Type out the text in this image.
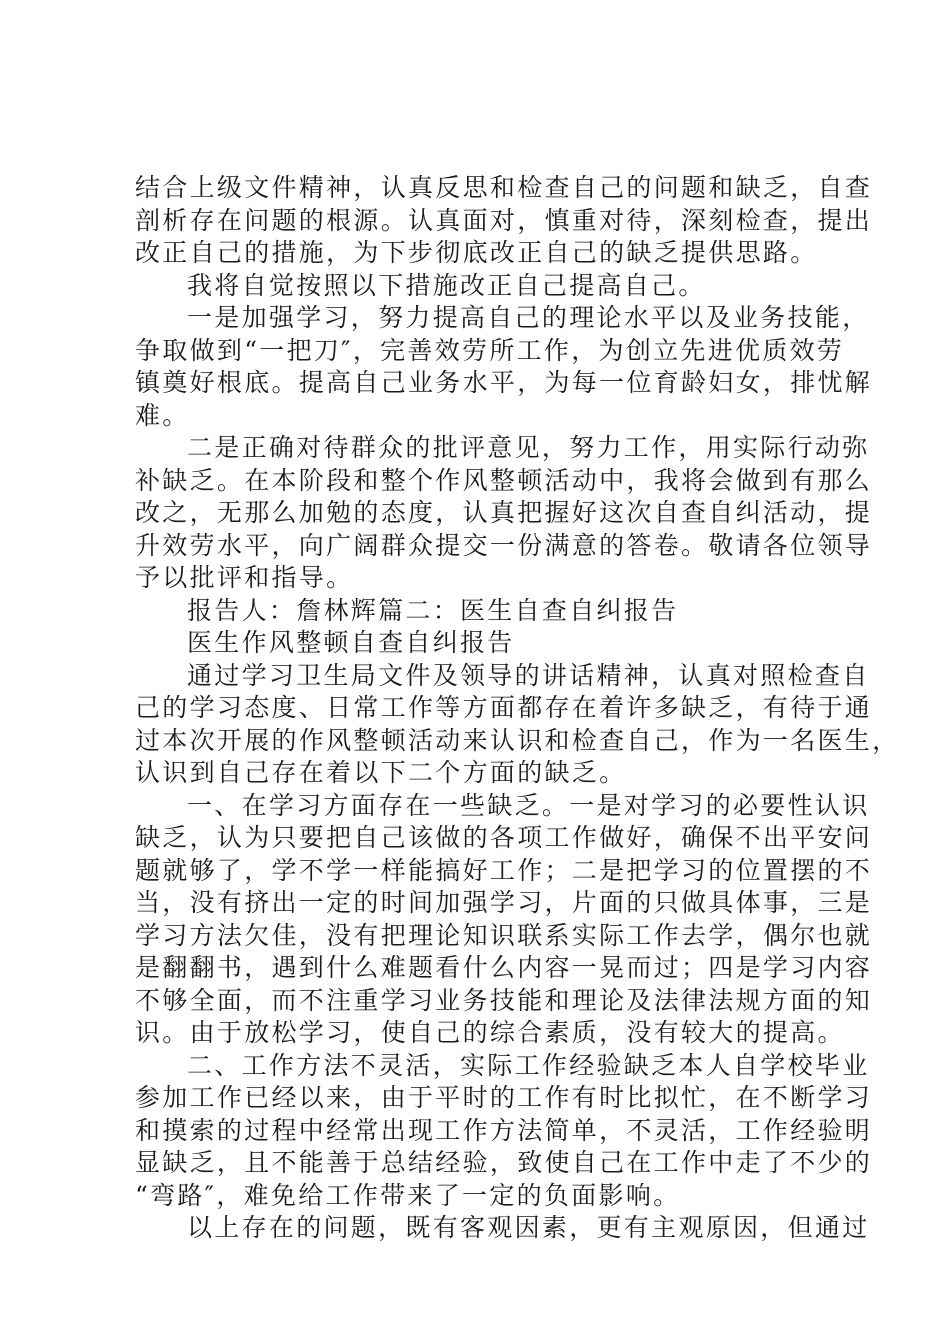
结合上级文件精神，认真反思和检查自己的问题和缺乏，自查
剖析存在问题的根源。认真面对，慎重对待，深刻检查，提出
改正自己的措施，为下步彻底改正自己的缺乏提供思路。
我将自觉按照以下措施改正自己提高自己。
一是加强学习，努力提高自己的理论水平以及业务技能，
争取做到“一把刀″，完善效劳所工作，为创立先进优质效劳
镇奠好根底。提高自己业务水平，为每一位育龄妇女，排忧解
难。
二是正确对待群众的批评意见，努力工作，用实际行动弥
补缺乏。在本阶段和整个作风整顿活动中，我将会做到有那么
改之，无那么加勉的态度，认真把握好这次自查自纠活动，提
升效劳水平，向广阔群众提交一份满意的答卷。敬请各位领导
予以批评和指导。
报告人：詹林辉篇二：医生自查自纠报告
医生作风整顿自查自纠报告
通过学习卫生局文件及领导的讲话精神，认真对照检查自
己的学习态度、日常工作等方面都存在着许多缺乏，有待于通
过本次开展的作风整顿活动来认识和检查自己，作为一名医生，
认识到自己存在着以下二个方面的缺乏。
一、在学习方面存在一些缺乏。一是对学习的必要性认识
缺乏，认为只要把自己该做的各项工作做好，确保不出平安问
题就够了，学不学一样能搞好工作；二是把学习的位置摆的不
当，没有挤出一定的时间加强学习，片面的只做具体事，三是
学习方法欠佳，没有把理论知识联系实际工作去学，偶尔也就
是翻翻书，遇到什么难题看什么内容一晃而过；四是学习内容
不够全面，而不注重学习业务技能和理论及法律法规方面的知
识。由于放松学习，使自己的综合素质，没有较大的提高。
二、工作方法不灵活，实际工作经验缺乏本人自学校毕业
参加工作已经以来，由于平时的工作有时比拟忙，在不断学习
和摸索的过程中经常出现工作方法简单，不灵活，工作经验明
显缺乏，且不能善于总结经验，致使自己在工作中走了不少的
“弯路″，难免给工作带来了一定的负面影响。
以上存在的问题，既有客观因素，更有主观原因，但通过
